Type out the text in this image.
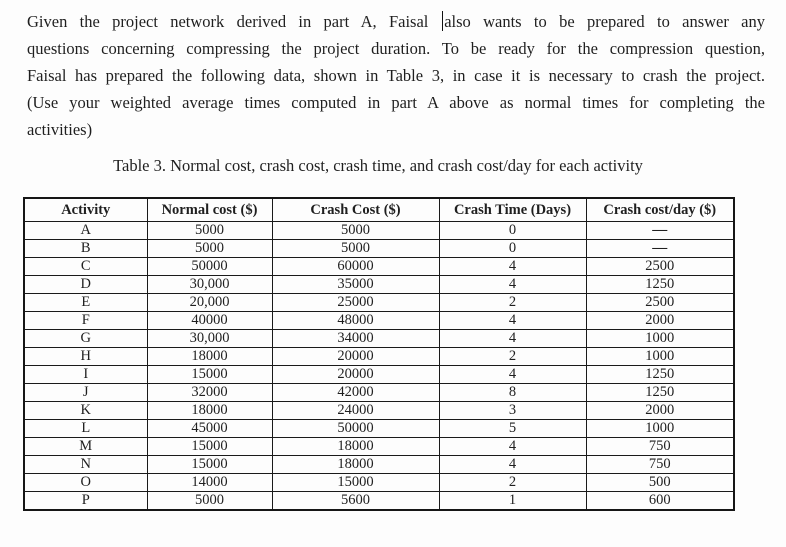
Given the project network derived in part A, Faisal also wants to be prepared to answer any
questions concerning compressing the project duration. To be ready for the compression question,
Faisal has prepared the following data, shown in Table 3, in case it is necessary to crash the project.
(Use your weighted average times computed in part A above as normal times for completing the
activities)
Table 3. Normal cost, crash cost, crash time, and crash cost/day for each activity
Activity	Normal cost ($)	Crash Cost ($)	Crash Time (Days)	Crash cost/day ($)
A	5000	5000	0	—
B	5000	5000	0	—
C	50000	60000	4	2500
D	30,000	35000	4	1250
E	20,000	25000	2	2500
F	40000	48000	4	2000
G	30,000	34000	4	1000
H	18000	20000	2	1000
I	15000	20000	4	1250
J	32000	42000	8	1250
K	18000	24000	3	2000
L	45000	50000	5	1000
M	15000	18000	4	750
N	15000	18000	4	750
O	14000	15000	2	500
P	5000	5600	1	600
